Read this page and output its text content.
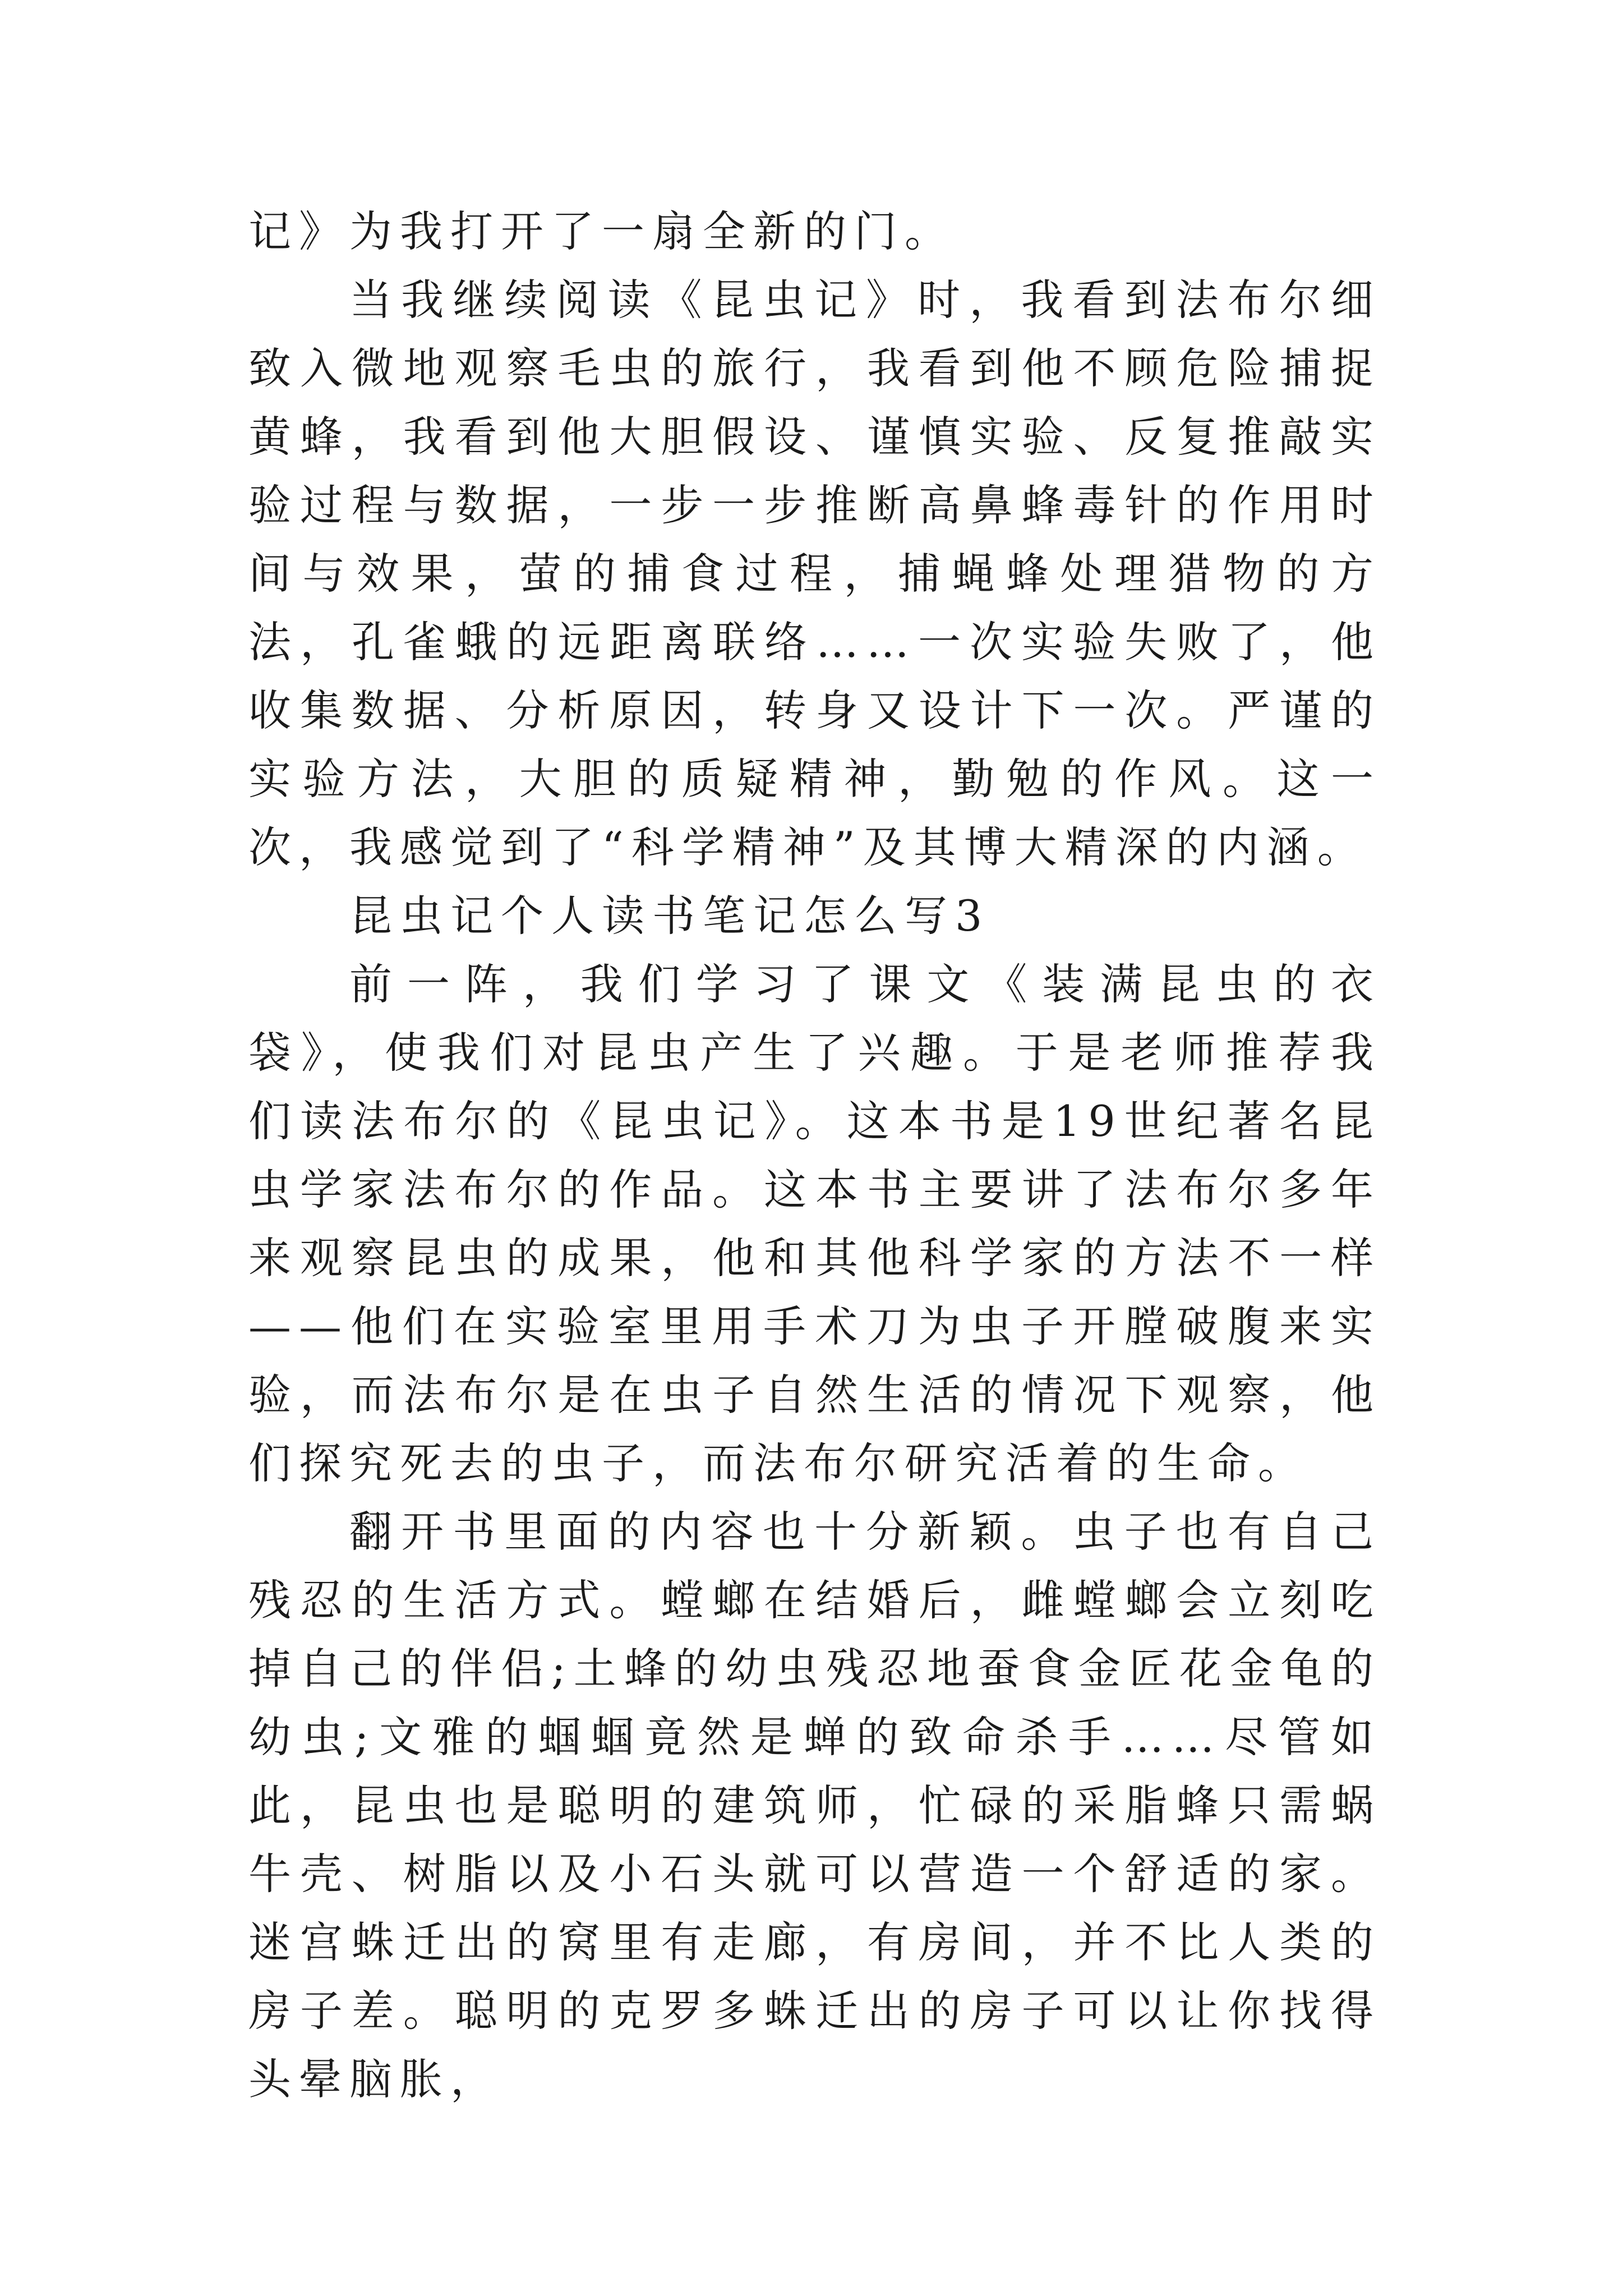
记》为我打开了一扇全新的门。

当我继续阅读《昆虫记》时，我看到法布尔细致入微地观察毛虫的旅行，我看到他不顾危险捕捉黄蜂，我看到他大胆假设、谨慎实验、反复推敲实验过程与数据，一步一步推断高鼻蜂毒针的作用时间与效果，萤的捕食过程，捕蝇蜂处理猎物的方法，孔雀蛾的远距离联络……一次实验失败了，他收集数据、分析原因，转身又设计下一次。严谨的实验方法，大胆的质疑精神，勤勉的作风。这一次，我感觉到了“科学精神”及其博大精深的内涵。

昆虫记个人读书笔记怎么写3

前一阵，我们学习了课文《装满昆虫的衣袋》，使我们对昆虫产生了兴趣。于是老师推荐我们读法布尔的《昆虫记》。这本书是19世纪著名昆虫学家法布尔的作品。这本书主要讲了法布尔多年来观察昆虫的成果，他和其他科学家的方法不一样——他们在实验室里用手术刀为虫子开膛破腹来实验，而法布尔是在虫子自然生活的情况下观察，他们探究死去的虫子，而法布尔研究活着的生命。

翻开书里面的内容也十分新颖。虫子也有自己残忍的生活方式。螳螂在结婚后，雌螳螂会立刻吃掉自己的伴侣;土蜂的幼虫残忍地蚕食金匠花金龟的幼虫;文雅的蝈蝈竟然是蝉的致命杀手……尽管如此，昆虫也是聪明的建筑师，忙碌的采脂蜂只需蜗牛壳、树脂以及小石头就可以营造一个舒适的家。迷宫蛛迁出的窝里有走廊，有房间，并不比人类的房子差。聪明的克罗多蛛迁出的房子可以让你找得头晕脑胀，
